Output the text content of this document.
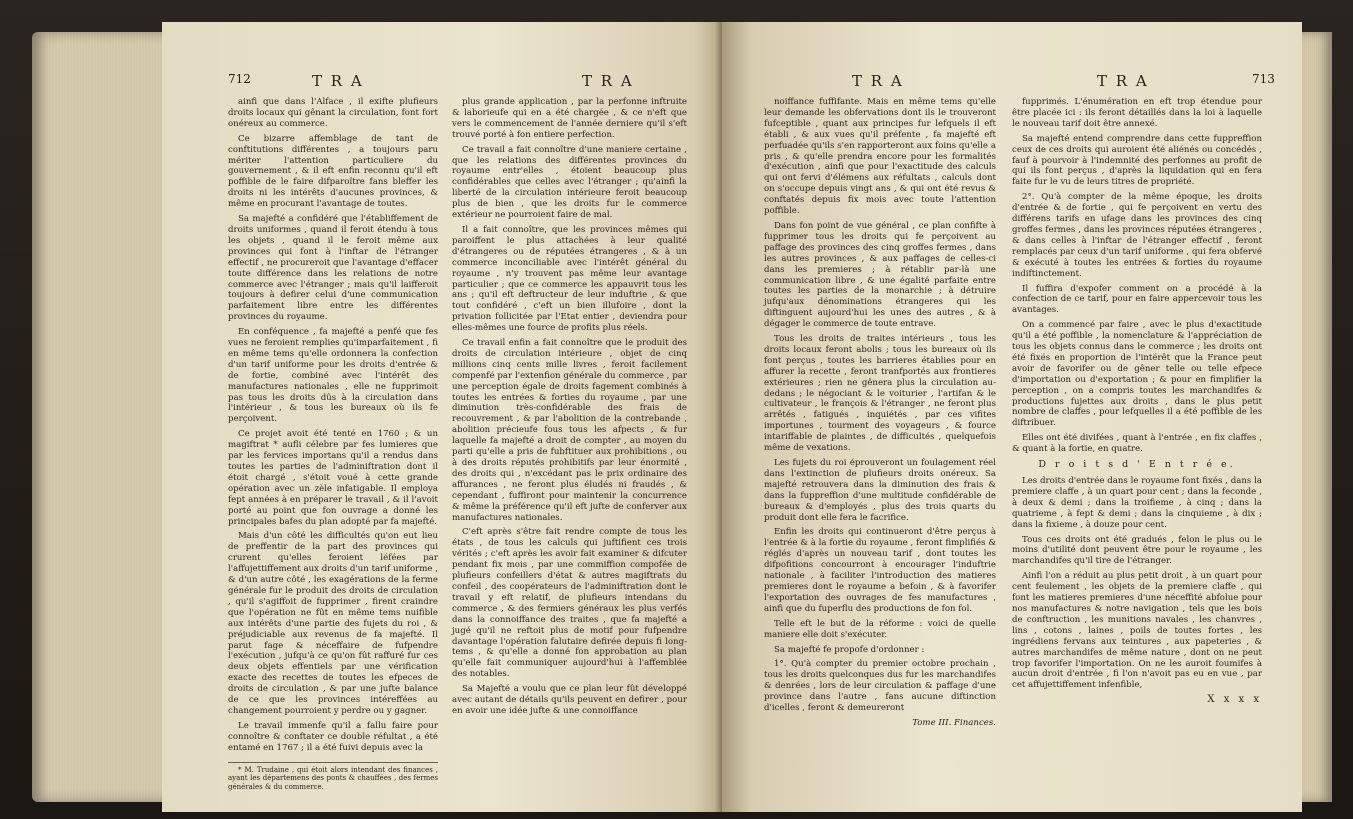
712	T R A	T R A

ainfi que dans l'Alface , il exifte plufieurs droits locaux qui gênant la circulation, font fort onéreux au commerce.

Ce bizarre affemblage de tant de conftitutions différentes , a toujours paru mériter l'attention particuliere du gouvernement , & il eft enfin reconnu qu'il eft poffible de le faire difparoître fans bleffer les droits ni les intérêts d'aucunes provinces, & même en procurant l'avantage de toutes.

Sa majefté a confidéré que l'établiffement de droits uniformes , quand il feroit étendu à tous les objets , quand il le feroit même aux provinces qui font à l'inftar de l'étranger effectif , ne procureroit que l'avantage d'effacer toute différence dans les relations de notre commerce avec l'étranger ; mais qu'il laifferoit toujours à defirer celui d'une communication parfaitement libre entre les différentes provinces du royaume.

En conféquence , fa majefté a penfé que fes vues ne feroient remplies qu'imparfaitement , fi en même tems qu'elle ordonnera la confection d'un tarif uniforme pour les droits d'entrée & de fortie, combiné avec l'intérêt des manufactures nationales , elle ne fupprimoit pas tous les droits dûs à la circulation dans l'intérieur , & tous les bureaux où ils fe perçoivent.

Ce projet avoit été tenté en 1760 ; & un magiftrat * aufli célebre par fes lumieres que par les fervices importans qu'il a rendus dans toutes les parties de l'adminiftration dont il étoit chargé , s'étoit voué à cette grande opération avec un zèle infatigable. Il employa fept années à en préparer le travail , & il l'avoit porté au point que fon ouvrage a donné les principales bafes du plan adopté par fa majefté.

Mais d'un côté les difficultés qu'on eut lieu de preffentir de la part des provinces qui crurent qu'elles feroient léfées par l'affujettiffement aux droits d'un tarif uniforme , & d'un autre côté , les exagérations de la ferme générale fur le produit des droits de circulation , qu'il s'agiffoit de fupprimer , firent craindre que l'opération ne fût en même tems nuifible aux intérêts d'une partie des fujets du roi , & préjudiciable aux revenus de fa majefté. Il parut fage & néceffaire de fufpendre l'exécution , jufqu'à ce qu'on fût raffuré fur ces deux objets effentiels par une vérification exacte des recettes de toutes les efpeces de droits de circulation , & par une jufte balance de ce que les provinces intéreffées au changement pourroient y perdre ou y gagner.

Le travail immenfe qu'il a fallu faire pour connoître & conftater ce double réfultat , a été entamé en 1767 ; il a été fuivi depuis avec la

* M. Trudaine , qui étoit alors intendant des finances , ayant les départemens des ponts & chauffées , des fermes générales & du commerce.

plus grande application , par la perfonne inftruite & laborieufe qui en a été chargée , & ce n'eft que vers le commencement de l'année derniere qu'il s'eft trouvé porté à fon entiere perfection.

Ce travail a fait connoître d'une maniere certaine , que les relations des différentes provinces du royaume entr'elles , étoient beaucoup plus confidérables que celles avec l'étranger ; qu'ainfi la liberté de la circulation intérieure feroit beaucoup plus de bien , que les droits fur le commerce extérieur ne pourroient faire de mal.

Il a fait connoître, que les provinces mêmes qui paroiffent le plus attachées à leur qualité d'étrangeres ou de réputées étrangeres , & à un commerce inconciliable avec l'intérêt général du royaume , n'y trouvent pas même leur avantage particulier ; que ce commerce les appauvrit tous les ans ; qu'il eft deftructeur de leur induftrie , & que tout confidéré , c'eft un bien illufoire , dont la privation follicitée par l'Etat entier , deviendra pour elles-mêmes une fource de profits plus réels.

Ce travail enfin a fait connoître que le produit des droits de circulation intérieure , objet de cinq millions cinq cents mille livres , feroit facilement compenfé par l'extenfion générale du commerce , par une perception égale de droits fagement combinés à toutes les entrées & forties du royaume , par une diminution très-confidérable des frais de recouvrement , & par l'abolition de la contrebande , abolition précieufe fous tous les afpects , & fur laquelle fa majefté a droit de compter , au moyen du parti qu'elle a pris de fubftituer aux prohibitions , ou à des droits réputés prohibitifs par leur énormité , des droits qui , n'excédant pas le prix ordinaire des affurances , ne feront plus éludés ni fraudés , & cependant , fuffiront pour maintenir la concurrence & même la préférence qu'il eft jufte de conferver aux manufactures nationales.

C'eft après s'être fait rendre compte de tous les états , de tous les calculs qui juftifient ces trois vérités ; c'eft après les avoir fait examiner & difcuter pendant fix mois , par une commiffion compofée de plufieurs confeillers d'état & autres magiftrats du confeil , des coopérateurs de l'adminiftration dont le travail y eft relatif, de plufieurs intendans du commerce , & des fermiers généraux les plus verfés dans la connoiffance des traites , que fa majefté a jugé qu'il ne reftoit plus de motif pour fufpendre davantage l'opération falutaire defirée depuis fi long-tems , & qu'elle a donné fon approbation au plan qu'elle fait communiquer aujourd'hui à l'affemblée des notables.

Sa Majefté a voulu que ce plan leur fût développé avec autant de détails qu'ils peuvent en defirer , pour en avoir une idée jufte & une connoiffance

T R A	T R A	713

noiffance fuffifante. Mais en même tems qu'elle leur demande les obfervations dont ils le trouveront fufceptible , quant aux principes fur lefquels il eft établi , & aux vues qu'il préfente , fa majefté eft perfuadée qu'ils s'en rapporteront aux foins qu'elle a pris , & qu'elle prendra encore pour les formalités d'exécution , ainfi que pour l'exactitude des calculs qui ont fervi d'élémens aux réfultats , calculs dont on s'occupe depuis vingt ans , & qui ont été revus & conftatés depuis fix mois avec toute l'attention poffible.

Dans fon point de vue général , ce plan confifte à fupprimer tous les droits qui fe perçoivent au paffage des provinces des cinq groffes fermes , dans les autres provinces , & aux paffages de celles-ci dans les premieres ; à rétablir par-là une communication libre , & une égalité parfaite entre toutes les parties de la monarchie ; à détruire jufqu'aux dénominations étrangeres qui les diftinguent aujourd'hui les unes des autres , & à dégager le commerce de toute entrave.

Tous les droits de traites intérieurs , tous les droits locaux feront abolis ; tous les bureaux où ils font perçus , toutes les barrieres établies pour en affurer la recette , feront tranfportés aux frontieres extérieures ; rien ne gênera plus la circulation au-dedans ; le négociant & le voiturier , l'artifan & le cultivateur , le françois & l'étranger , ne feront plus arrêtés , fatigués , inquiétés , par ces vifites importunes , tourment des voyageurs , & fource intariffable de plaintes , de difficultés , quelquefois même de vexations.

Les fujets du roi éprouveront un foulagement réel dans l'extinction de plufieurs droits onéreux. Sa majefté retrouvera dans la diminution des frais & dans la fuppreffion d'une multitude confidérable de bureaux & d'employés , plus des trois quarts du produit dont elle fera le facrifice.

Enfin les droits qui continueront d'être perçus à l'entrée & à la fortie du royaume , feront fimplifiés & réglés d'après un nouveau tarif , dont toutes les difpofitions concourront à encourager l'induftrie nationale , à faciliter l'introduction des matieres premieres dont le royaume a befoin , & à favorifer l'exportation des ouvrages de fes manufactures , ainfi que du fuperflu des productions de fon fol.

Telle eft le but de la réforme : voici de quelle maniere elle doit s'exécuter.

Sa majefté fe propofe d'ordonner :

1°. Qu'à compter du premier octobre prochain , tous les droits quelconques dus fur les marchandifes & denrées , lors de leur circulation & paffage d'une province dans l'autre , fans aucune diftinction d'icelles , feront & demeureront

Tome III. Finances.

fupprimés. L'énumération en eft trop étendue pour être placée ici : ils feront détaillés dans la loi à laquelle le nouveau tarif doit être annexé.

Sa majefté entend comprendre dans cette fuppreffion ceux de ces droits qui auroient été aliénés ou concédés , fauf à pourvoir à l'indemnité des perfonnes au profit de qui ils font perçus , d'après la liquidation qui en fera faite fur le vu de leurs titres de propriété.

2°. Qu'à compter de la même époque, les droits d'entrée & de fortie , qui fe perçoivent en vertu des différens tarifs en ufage dans les provinces des cinq groffes fermes , dans les provinces réputées étrangeres , & dans celles à l'inftar de l'étranger effectif , feront remplacés par ceux d'un tarif uniforme , qui fera obfervé & exécuté à toutes les entrées & forties du royaume indiftinctement.

Il fuffira d'expofer comment on a procédé à la confection de ce tarif, pour en faire appercevoir tous les avantages.

On a commencé par faire , avec le plus d'exactitude qu'il a été poffible , la nomenclature & l'appréciation de tous les objets connus dans le commerce ; les droits ont été fixés en proportion de l'intérêt que la France peut avoir de favorifer ou de gêner telle ou telle efpece d'importation ou d'exportation ; & pour en fimplifier la perception , on a compris toutes les marchandifes & productions fujettes aux droits , dans le plus petit nombre de claffes , pour lefquelles il a été poffible de les diftribuer.

Elles ont été divifées , quant à l'entrée , en fix claffes , & quant à la fortie, en quatre.

D r o i t s d ' E n t r é e.

Les droits d'entrée dans le royaume font fixés , dans la premiere claffe , à un quart pour cent ; dans la feconde , à deux & demi ; dans la troifieme , à cinq ; dans la quatrieme , à fept & demi ; dans la cinquieme , à dix ; dans la fixieme , à douze pour cent.

Tous ces droits ont été gradués , felon le plus ou le moins d'utilité dont peuvent être pour le royaume , les marchandifes qu'il tire de l'étranger.

Ainfi l'on a réduit au plus petit droit , à un quart pour cent feulement , les objets de la premiere claffe , qui font les matieres premieres d'une néceffité abfolue pour nos manufactures & notre navigation , tels que les bois de conftruction , les munitions navales , les chanvres , lins , cotons , laines , poils de toutes fortes , les ingrédiens fervans aux teintures , aux papeteries , & autres marchandifes de même nature , dont on ne peut trop favorifer l'importation. On ne les auroit foumifes à aucun droit d'entrée , fi l'on n'avoit pas eu en vue , par cet affujettiffement infenfible,

X x x x
